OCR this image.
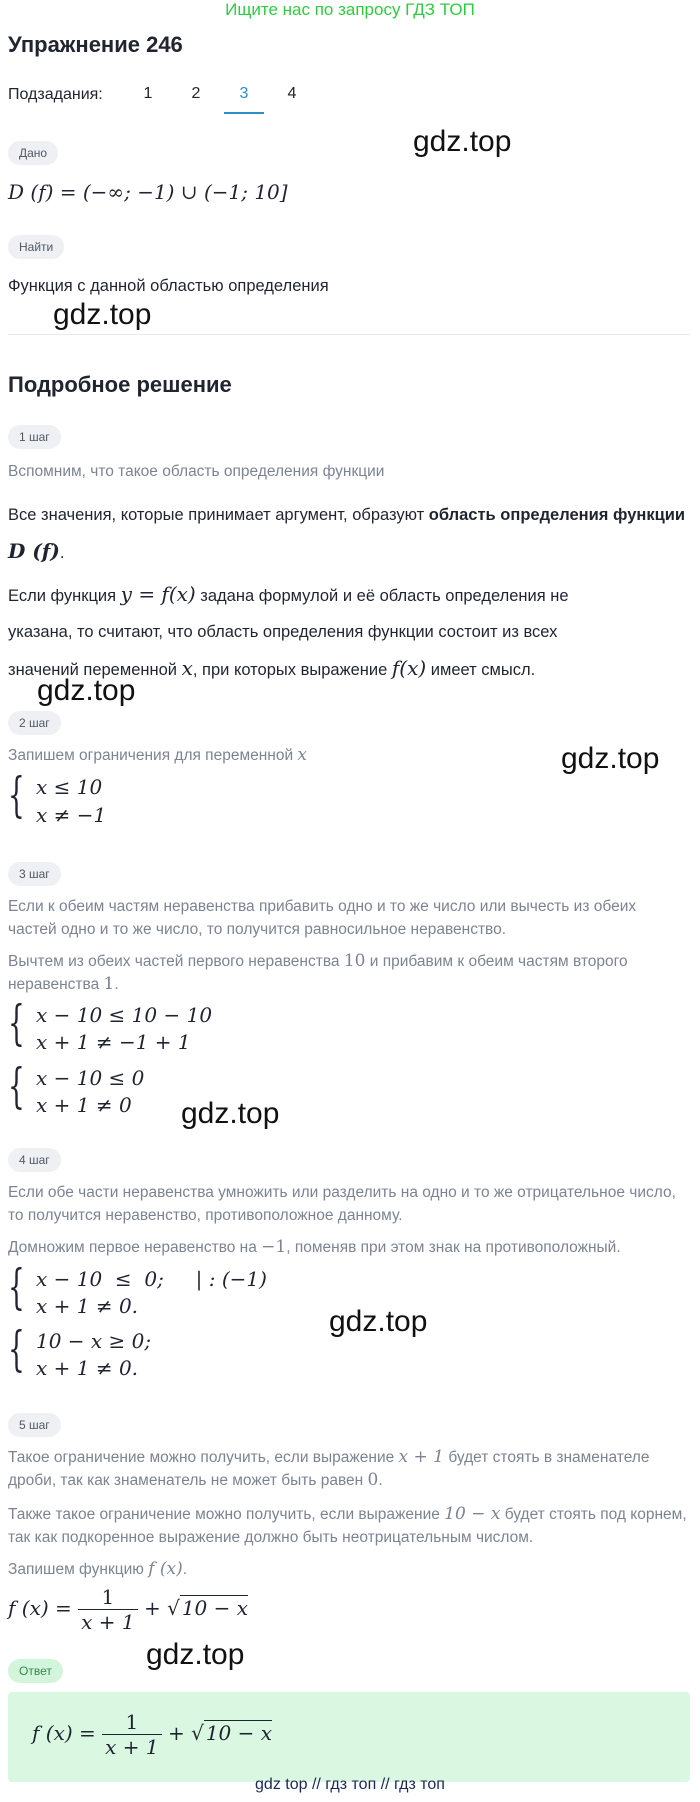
Ищите нас по запросу ГДЗ ТОП
Упражнение 246
Подзадания:	1	2	3	4
Дано
D (f) = (−∞; −1) ∪ (−1; 10]
Найти
Функция с данной областью определения
Подробное решение
gdz.top
gdz.top
gdz.top
gdz.top
gdz.top
gdz.top
gdz.top
1 шаг
Вспомним, что такое область определения функции
Все значения, которые принимает аргумент, образуют область определения функции D (f).
Если функция y = f(x) задана формулой и её область определения не
указана, то считают, что область определения функции состоит из всех
значений переменной x, при которых выражение f(x) имеет смысл.
2 шаг
Запишем ограничения для переменной x
{ x ≤ 10
x ≠ −1
3 шаг
Если к обеим частям неравенства прибавить одно и то же число или вычесть из обеих частей одно и то же число, то получится равносильное неравенство.
Вычтем из обеих частей первого неравенства 10 и прибавим к обеим частям второго неравенства 1.
{ x − 10 ≤ 10 − 10
x + 1 ≠ −1 + 1
{ x − 10 ≤ 0
x + 1 ≠ 0
4 шаг
Если обе части неравенства умножить или разделить на одно и то же отрицательное число, то получится неравенство, противоположное данному.
Домножим первое неравенство на −1, поменяв при этом знак на противоположный.
{ x − 10  ≤  0;     | : (−1)
x + 1 ≠ 0.
{ 10 − x ≥ 0;
x + 1 ≠ 0.
5 шаг
Такое ограничение можно получить, если выражение x + 1 будет стоять в знаменателе дроби, так как знаменатель не может быть равен 0.
Также такое ограничение можно получить, если выражение 10 − x будет стоять под корнем, так как подкоренное выражение должно быть неотрицательным числом.
Запишем функцию f (x).
f $(x) = \frac{1}{x + 1}$ + √ 10 − x
Ответ
f $(x) = \frac{1}{x + 1}$ + √ 10 − x
gdz top // гдз топ // гдз топ
